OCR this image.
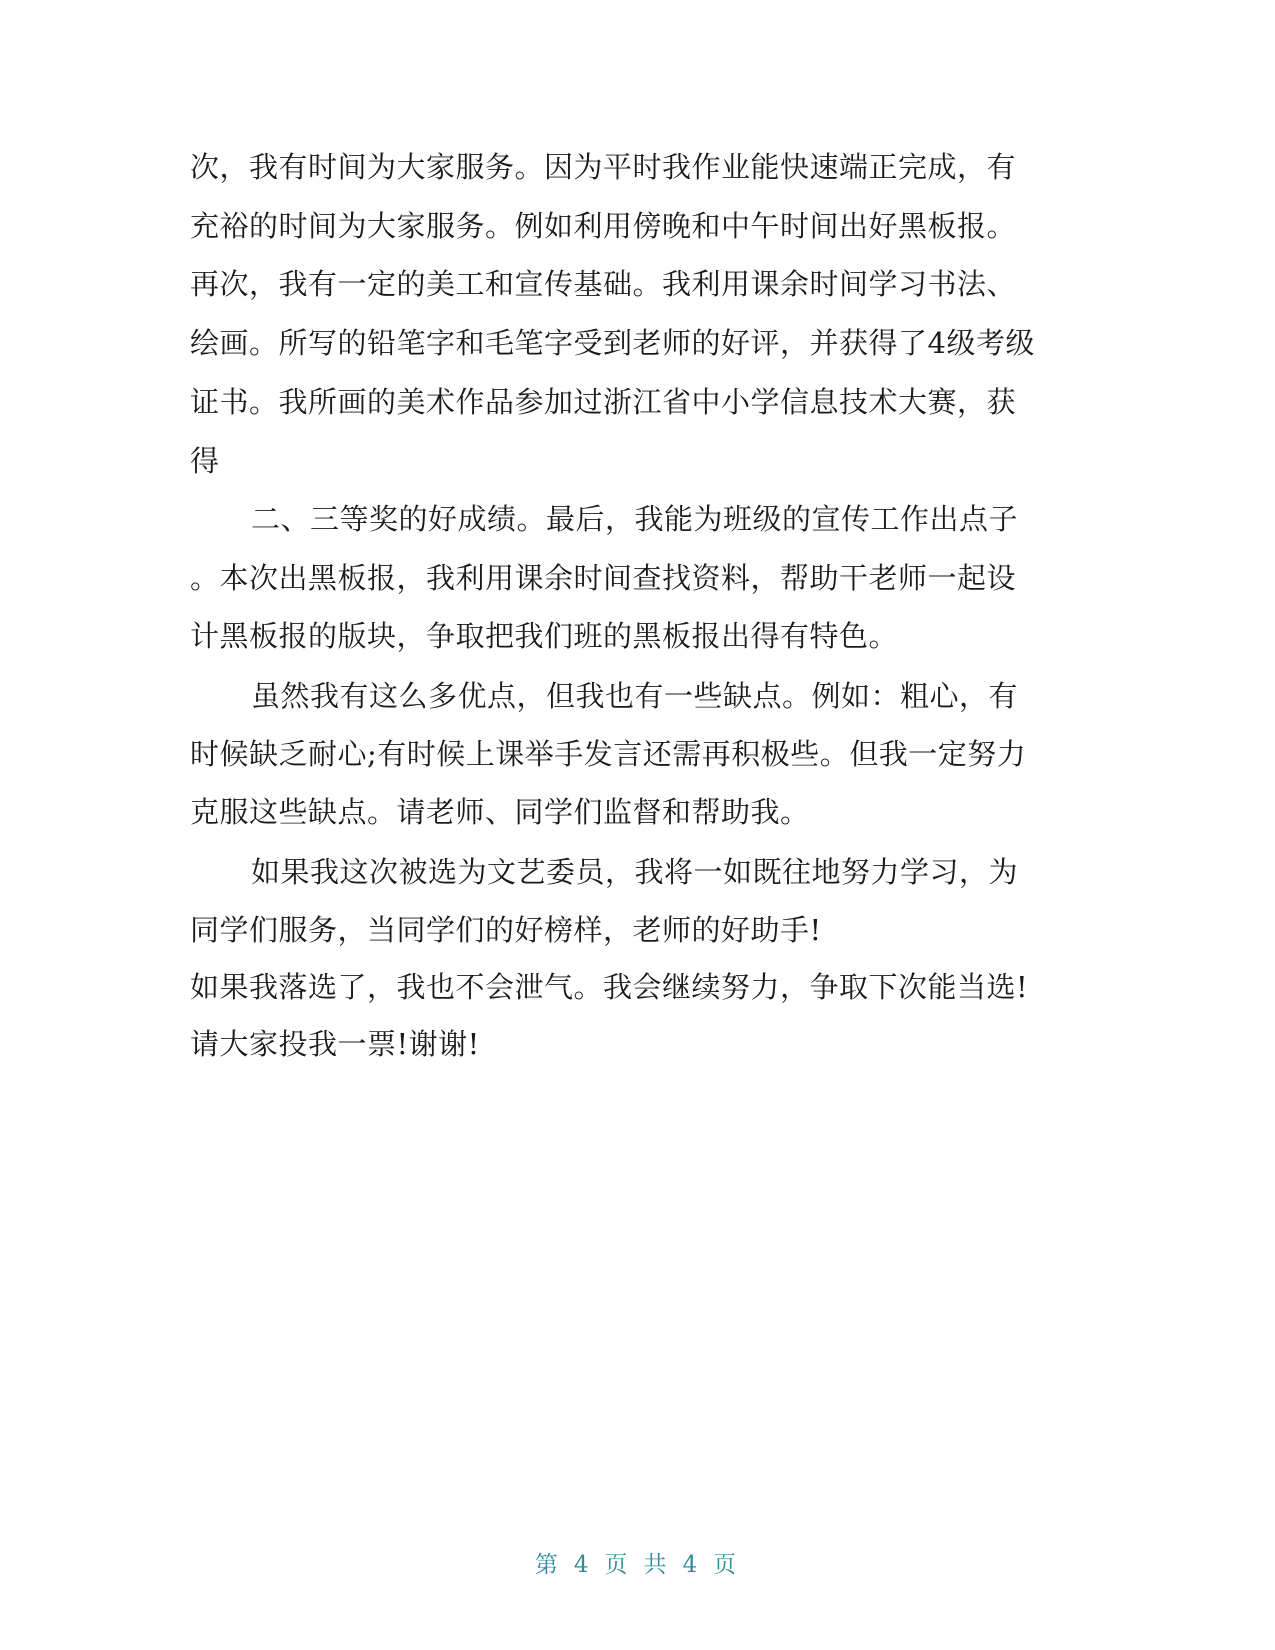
次，我有时间为大家服务。因为平时我作业能快速端正完成，有
充裕的时间为大家服务。例如利用傍晚和中午时间出好黑板报。
再次，我有一定的美工和宣传基础。我利用课余时间学习书法、
绘画。所写的铅笔字和毛笔字受到老师的好评，并获得了4级考级
证书。我所画的美术作品参加过浙江省中小学信息技术大赛，获
得
二、三等奖的好成绩。最后，我能为班级的宣传工作出点子
。本次出黑板报，我利用课余时间查找资料，帮助干老师一起设
计黑板报的版块，争取把我们班的黑板报出得有特色。
虽然我有这么多优点，但我也有一些缺点。例如：粗心，有
时候缺乏耐心;有时候上课举手发言还需再积极些。但我一定努力
克服这些缺点。请老师、同学们监督和帮助我。
如果我这次被选为文艺委员，我将一如既往地努力学习，为
同学们服务，当同学们的好榜样，老师的好助手!
如果我落选了，我也不会泄气。我会继续努力，争取下次能当选!
请大家投我一票!谢谢!
第 4 页 共 4 页
